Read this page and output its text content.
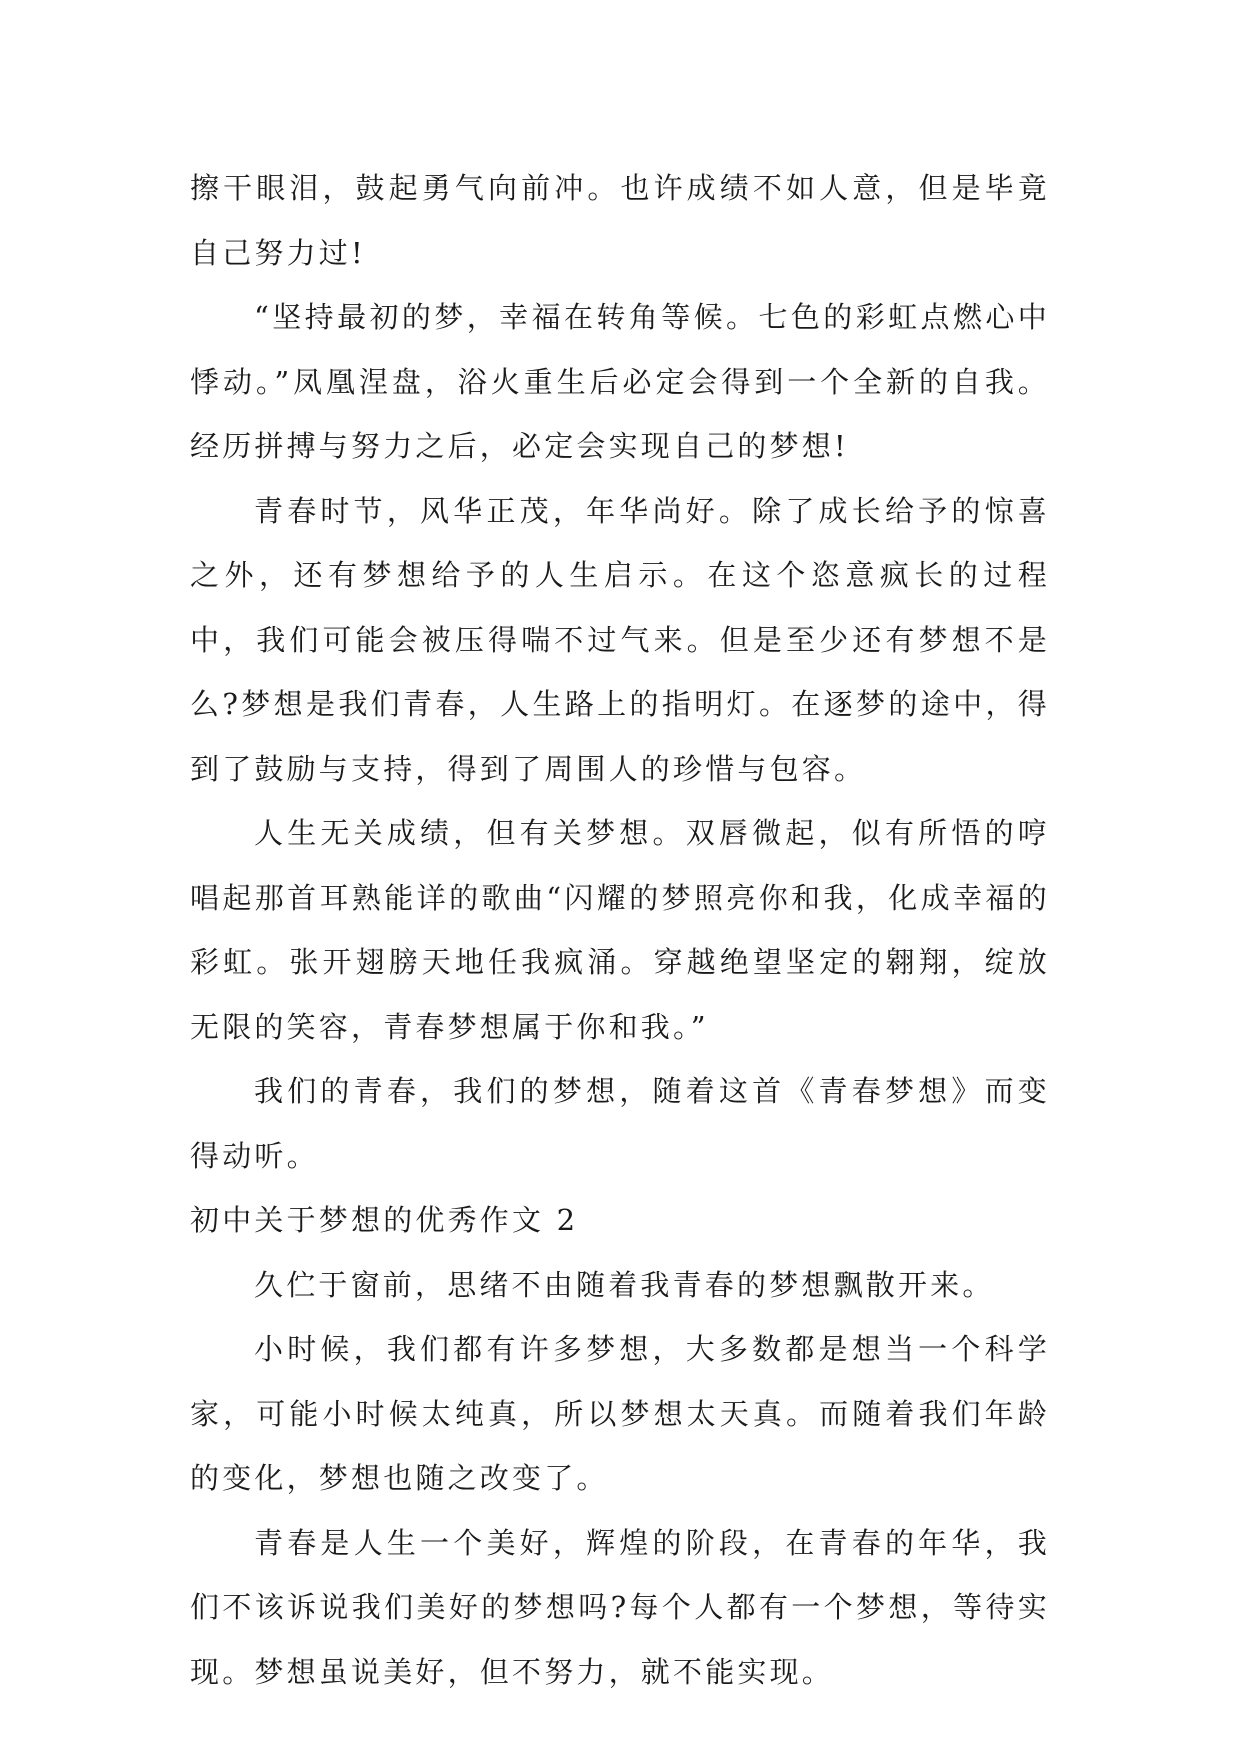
擦干眼泪，鼓起勇气向前冲。也许成绩不如人意，但是毕竟自己努力过!

“坚持最初的梦，幸福在转角等候。七色的彩虹点燃心中悸动。”凤凰涅盘，浴火重生后必定会得到一个全新的自我。经历拼搏与努力之后，必定会实现自己的梦想!

青春时节，风华正茂，年华尚好。除了成长给予的惊喜之外，还有梦想给予的人生启示。在这个恣意疯长的过程中，我们可能会被压得喘不过气来。但是至少还有梦想不是么?梦想是我们青春，人生路上的指明灯。在逐梦的途中，得到了鼓励与支持，得到了周围人的珍惜与包容。

人生无关成绩，但有关梦想。双唇微起，似有所悟的哼唱起那首耳熟能详的歌曲“闪耀的梦照亮你和我，化成幸福的彩虹。张开翅膀天地任我疯涌。穿越绝望坚定的翱翔，绽放无限的笑容，青春梦想属于你和我。”

我们的青春，我们的梦想，随着这首《青春梦想》而变得动听。

初中关于梦想的优秀作文 2

久伫于窗前，思绪不由随着我青春的梦想飘散开来。

小时候，我们都有许多梦想，大多数都是想当一个科学家，可能小时候太纯真，所以梦想太天真。而随着我们年龄的变化，梦想也随之改变了。

青春是人生一个美好，辉煌的阶段，在青春的年华，我们不该诉说我们美好的梦想吗?每个人都有一个梦想，等待实现。梦想虽说美好，但不努力，就不能实现。
